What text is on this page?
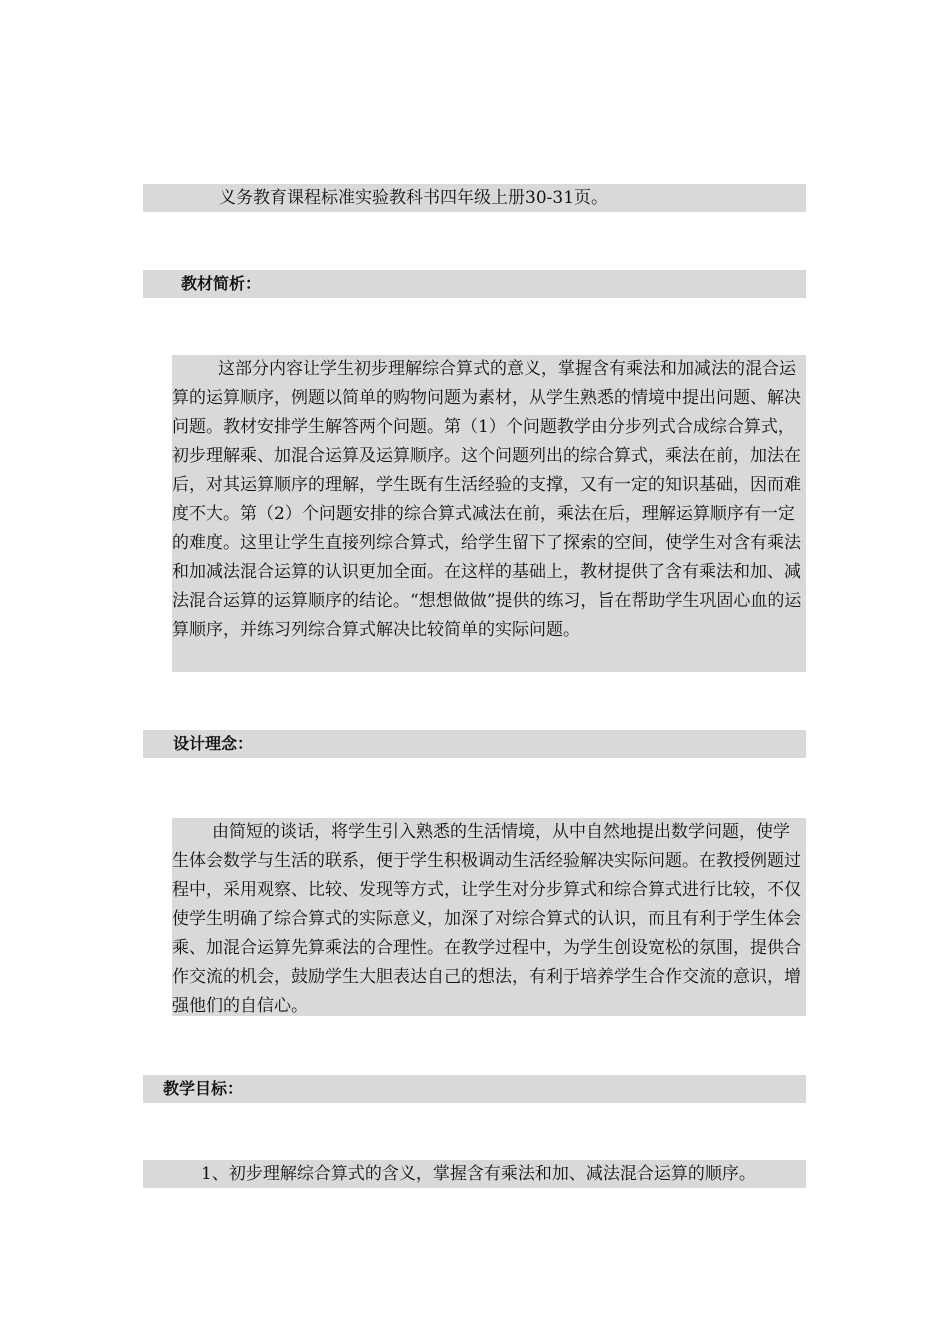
义务教育课程标准实验教科书四年级上册30-31页。
教材简析：
这部分内容让学生初步理解综合算式的意义，掌握含有乘法和加减法的混合运算的运算顺序，例题以简单的购物问题为素材，从学生熟悉的情境中提出问题、解决问题。教材安排学生解答两个问题。第（1）个问题教学由分步列式合成综合算式，初步理解乘、加混合运算及运算顺序。这个问题列出的综合算式，乘法在前，加法在后，对其运算顺序的理解，学生既有生活经验的支撑，又有一定的知识基础，因而难度不大。第（2）个问题安排的综合算式减法在前，乘法在后，理解运算顺序有一定的难度。这里让学生直接列综合算式，给学生留下了探索的空间，使学生对含有乘法和加减法混合运算的认识更加全面。在这样的基础上，教材提供了含有乘法和加、减法混合运算的运算顺序的结论。“想想做做”提供的练习，旨在帮助学生巩固心血的运算顺序，并练习列综合算式解决比较简单的实际问题。
设计理念：
由简短的谈话，将学生引入熟悉的生活情境，从中自然地提出数学问题，使学生体会数学与生活的联系，便于学生积极调动生活经验解决实际问题。在教授例题过程中，采用观察、比较、发现等方式，让学生对分步算式和综合算式进行比较，不仅使学生明确了综合算式的实际意义，加深了对综合算式的认识，而且有利于学生体会乘、加混合运算先算乘法的合理性。在教学过程中，为学生创设宽松的氛围，提供合作交流的机会，鼓励学生大胆表达自己的想法，有利于培养学生合作交流的意识，增强他们的自信心。
教学目标：
1、初步理解综合算式的含义，掌握含有乘法和加、减法混合运算的顺序。
